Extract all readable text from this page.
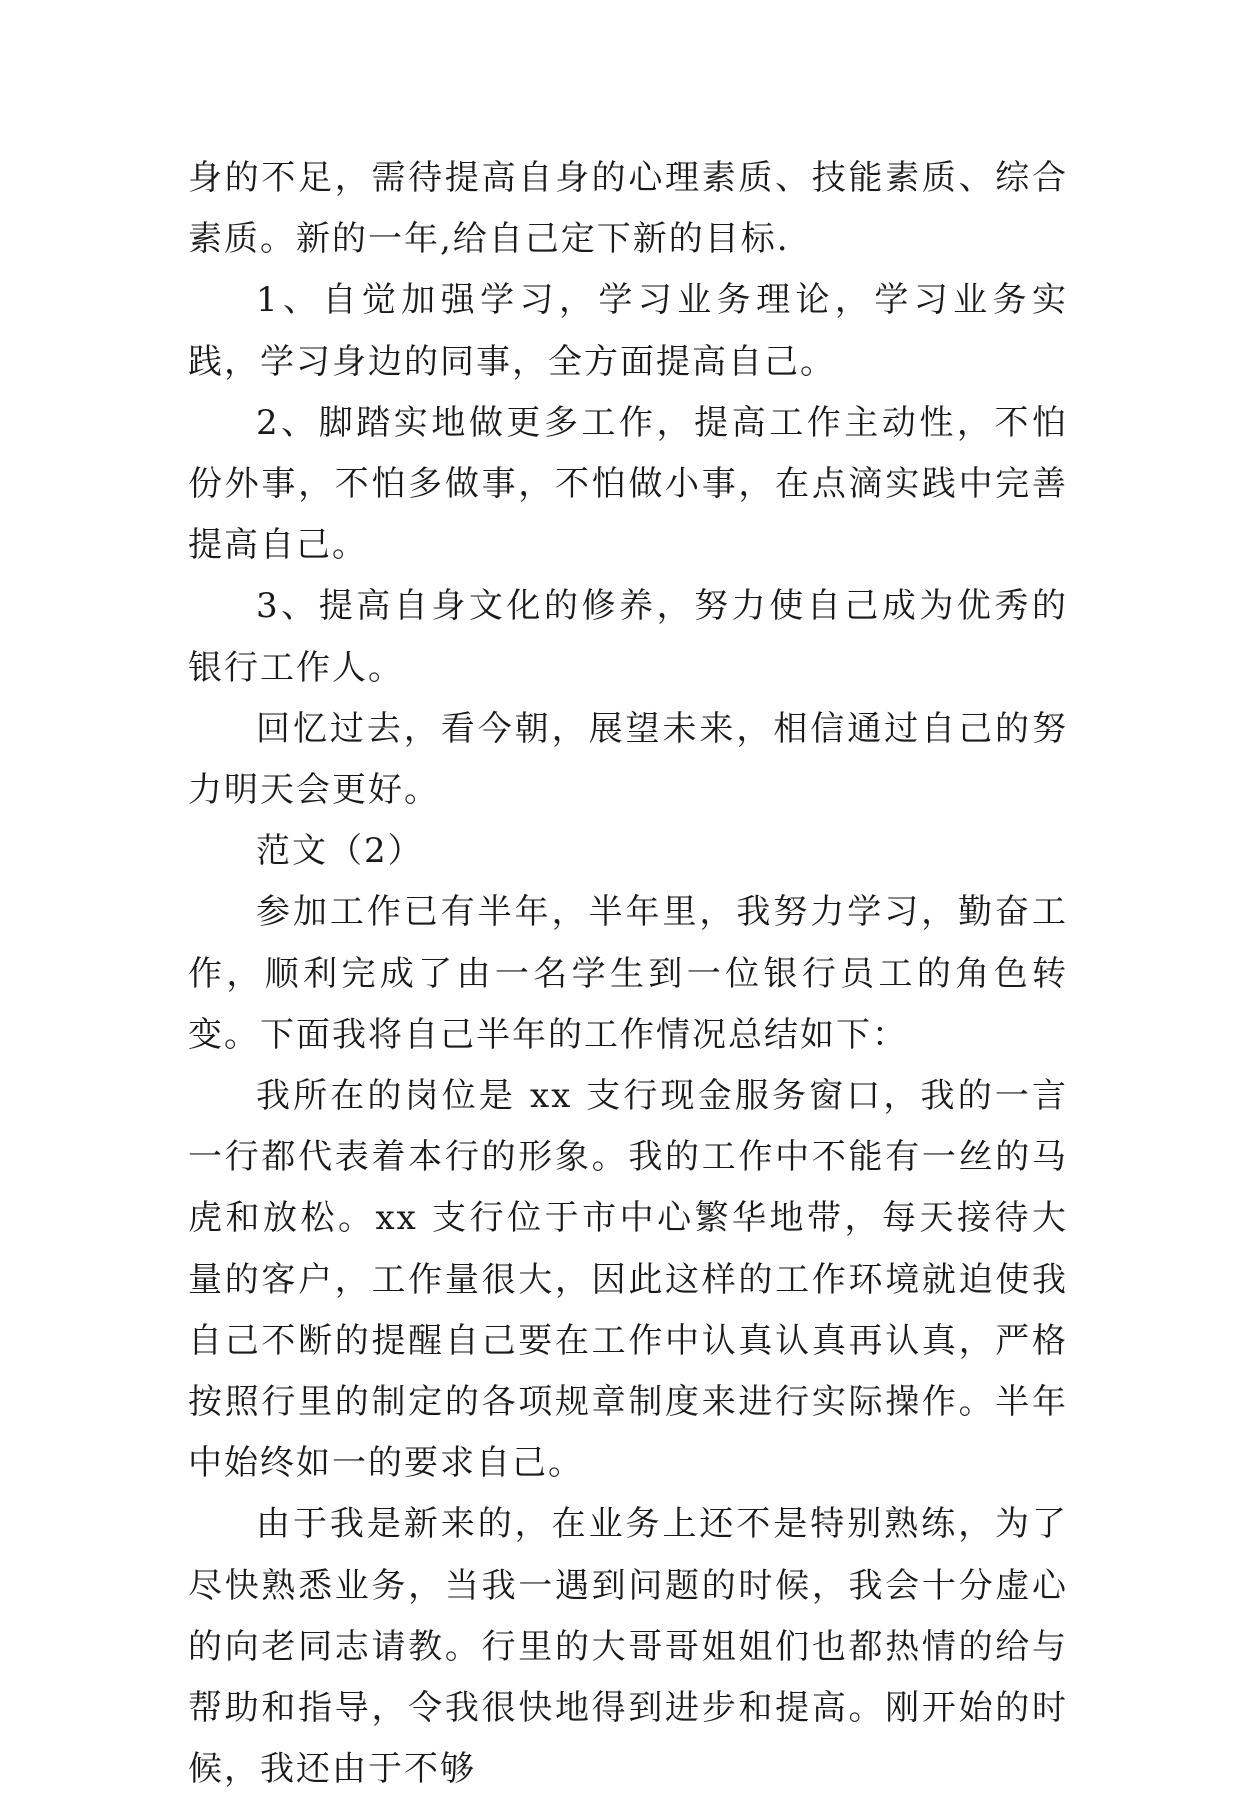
身的不足，需待提高自身的心理素质、技能素质、综合素质。新的一年,给自己定下新的目标.

1、自觉加强学习，学习业务理论，学习业务实践，学习身边的同事，全方面提高自己。

2、脚踏实地做更多工作，提高工作主动性，不怕份外事，不怕多做事，不怕做小事，在点滴实践中完善提高自己。

3、提高自身文化的修养，努力使自己成为优秀的银行工作人。

回忆过去，看今朝，展望未来，相信通过自己的努力明天会更好。

范文（2）

参加工作已有半年，半年里，我努力学习，勤奋工作，顺利完成了由一名学生到一位银行员工的角色转变。下面我将自己半年的工作情况总结如下：

我所在的岗位是 xx 支行现金服务窗口，我的一言一行都代表着本行的形象。我的工作中不能有一丝的马虎和放松。xx 支行位于市中心繁华地带，每天接待大量的客户，工作量很大，因此这样的工作环境就迫使我自己不断的提醒自己要在工作中认真认真再认真，严格按照行里的制定的各项规章制度来进行实际操作。半年中始终如一的要求自己。

由于我是新来的，在业务上还不是特别熟练，为了尽快熟悉业务，当我一遇到问题的时候，我会十分虚心的向老同志请教。行里的大哥哥姐姐们也都热情的给与帮助和指导，令我很快地得到进步和提高。刚开始的时候，我还由于不够
